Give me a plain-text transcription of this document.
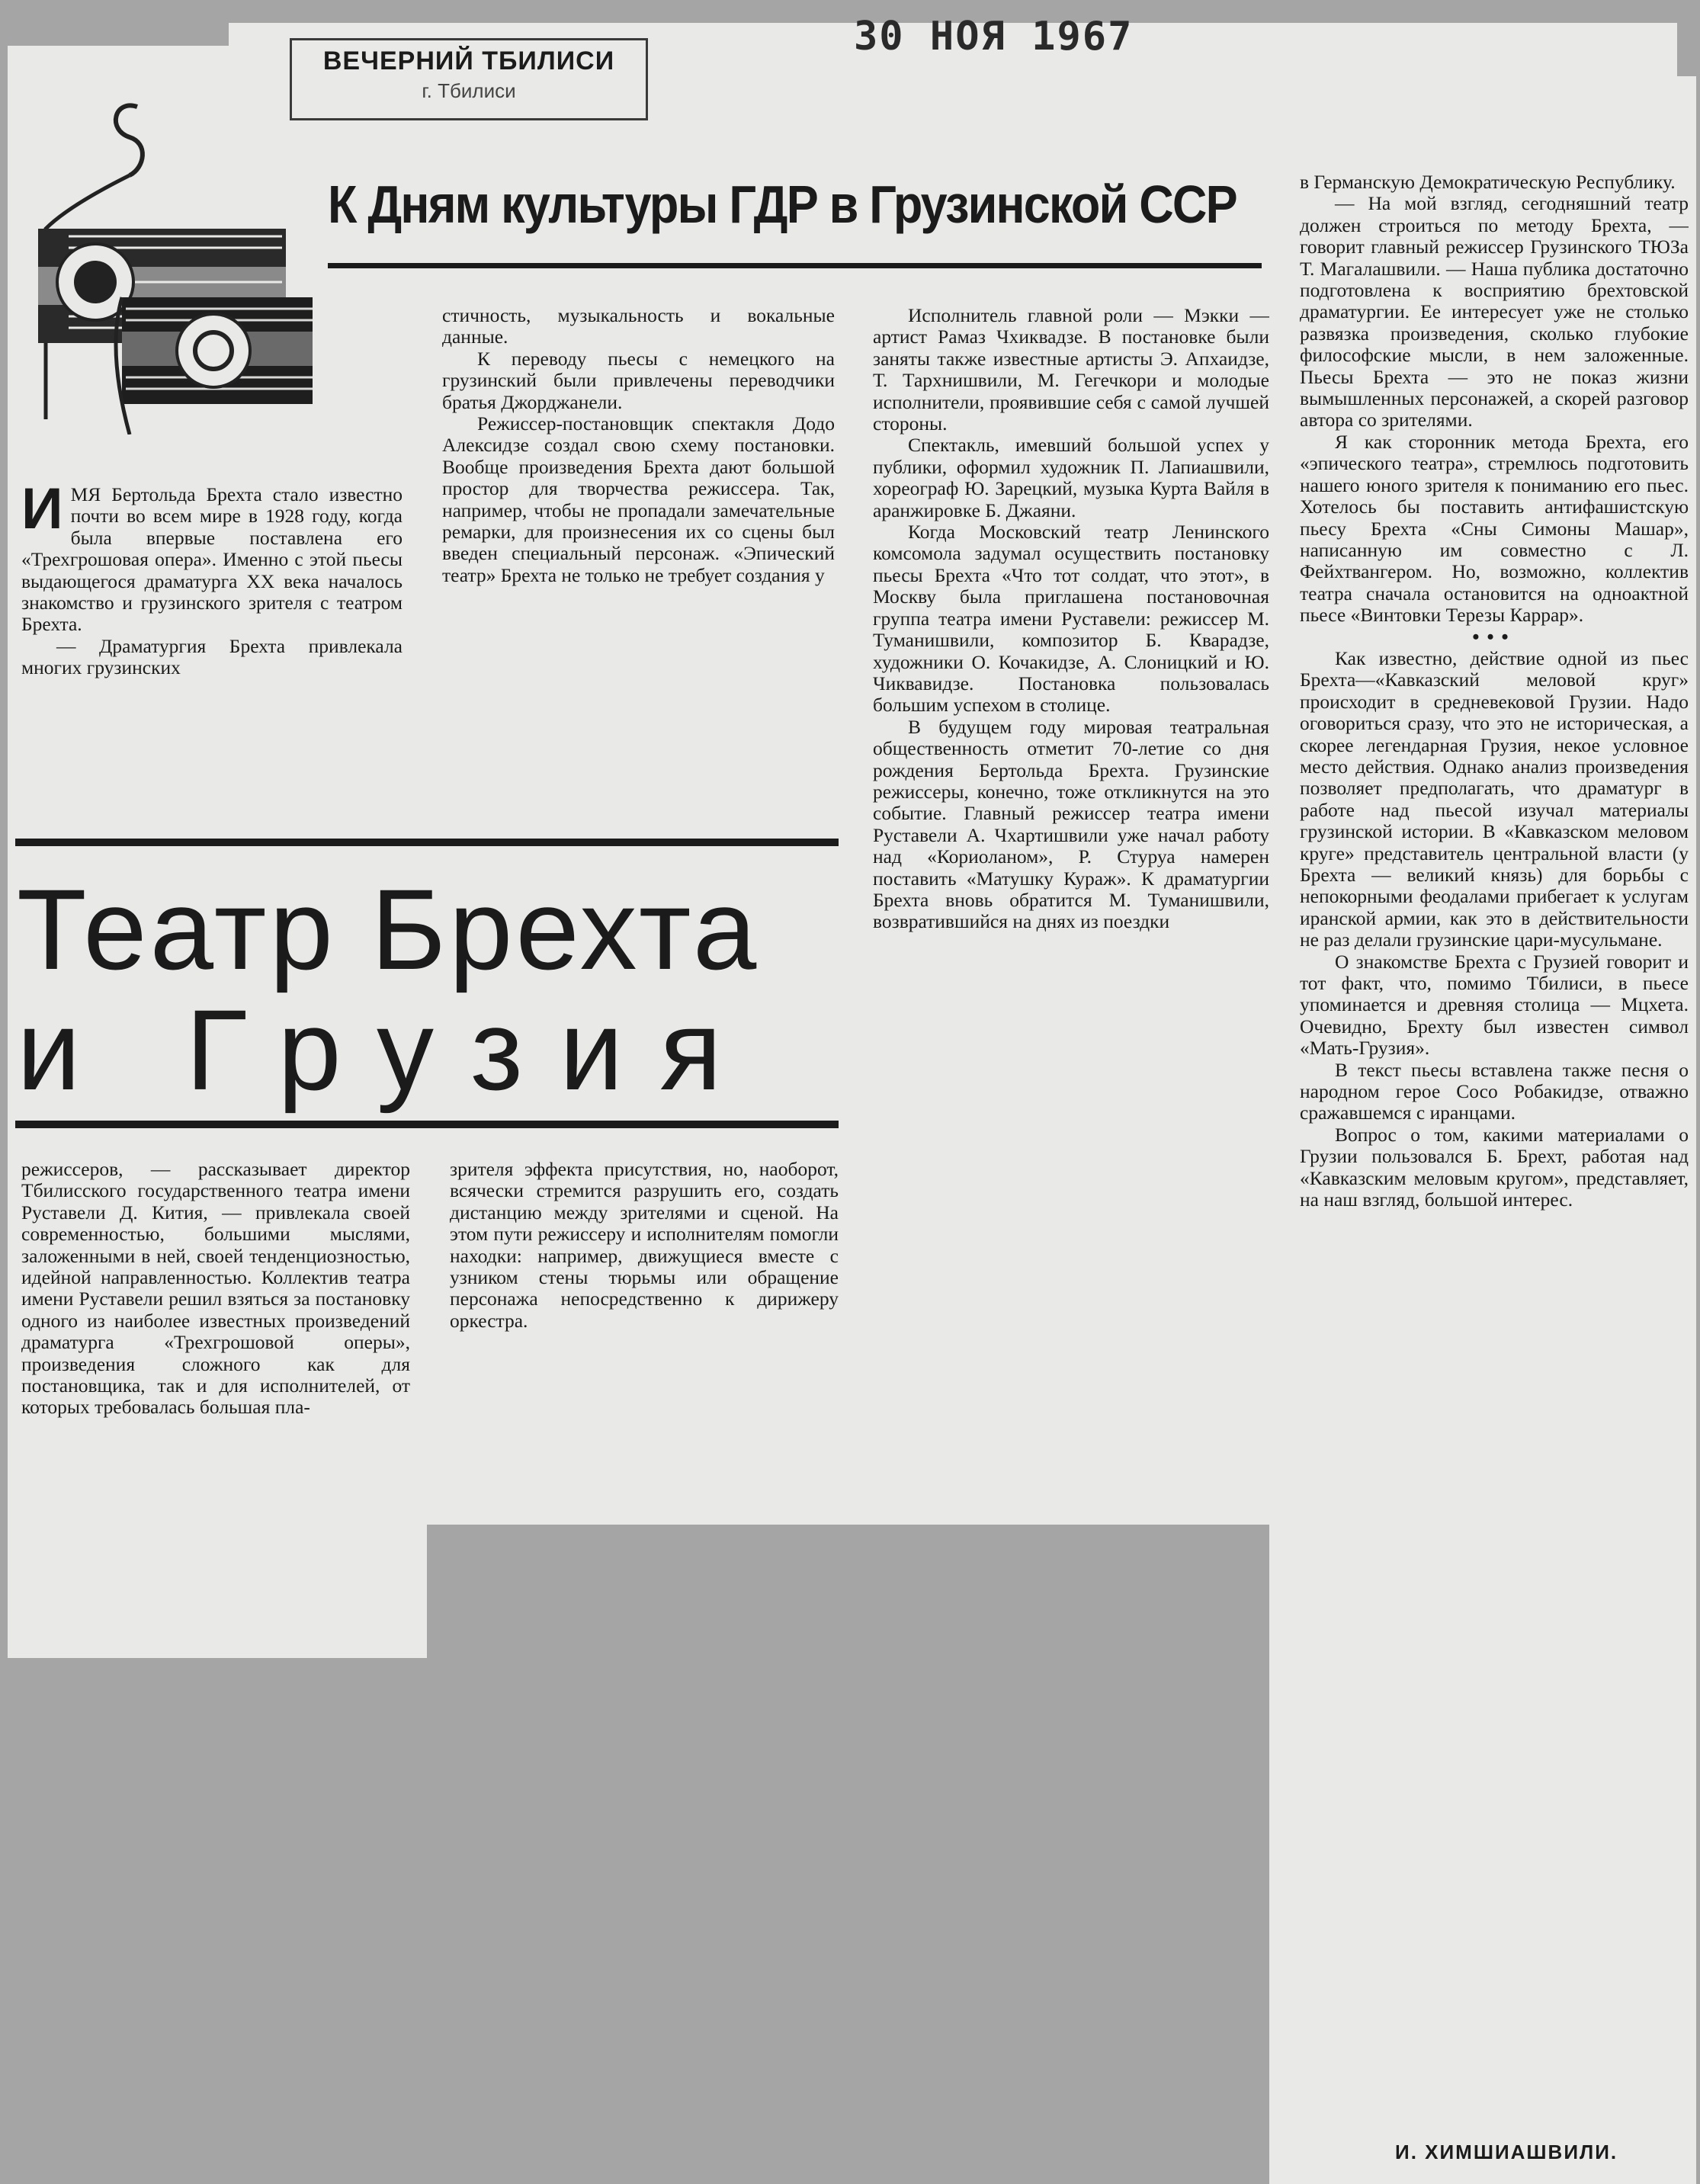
ВЕЧЕРНИЙ ТБИЛИСИ
г. Тбилиси
30 НОЯ 1967
К Дням культуры ГДР в Грузинской ССР

ИМЯ Бертольда Брехта стало известно почти во всем мире в 1928 году, когда была впервые поставлена его «Трехгрошовая опера». Именно с этой пьесы выдающегося драматурга XX века началось знакомство и грузинского зрителя с театром Брехта.

— Драматургия Брехта привлекала многих грузинских

стичность, музыкальность и вокальные данные.

К переводу пьесы с немецкого на грузинский были привлечены переводчики братья Джорджанели.

Режиссер-постановщик спектакля Додо Алексидзе создал свою схему постановки. Вообще произведения Брехта дают большой простор для творчества режиссера. Так, например, чтобы не пропадали замечательные ремарки, для произнесения их со сцены был введен специальный персонаж. «Эпический театр» Брехта не только не требует создания у

Театр Брехта
и Грузия

режиссеров, — рассказывает директор Тбилисского государственного театра имени Руставели Д. Кития, — привлекала своей современностью, большими мыслями, заложенными в ней, своей тенденциозностью, идейной направленностью. Коллектив театра имени Руставели решил взяться за постановку одного из наиболее известных произведений драматурга «Трехгрошовой оперы», произведения сложного как для постановщика, так и для исполнителей, от которых требовалась большая пла-

зрителя эффекта присутствия, но, наоборот, всячески стремится разрушить его, создать дистанцию между зрителями и сценой. На этом пути режиссеру и исполнителям помогли находки: например, движущиеся вместе с узником стены тюрьмы или обращение персонажа непосредственно к дирижеру оркестра.

Исполнитель главной роли — Мэкки — артист Рамаз Чхиквадзе. В постановке были заняты также известные артисты Э. Апхаидзе, Т. Тархнишвили, М. Гегечкори и молодые исполнители, проявившие себя с самой лучшей стороны.

Спектакль, имевший большой успех у публики, оформил художник П. Лапиашвили, хореограф Ю. Зарецкий, музыка Курта Вайля в аранжировке Б. Джаяни.

Когда Московский театр Ленинского комсомола задумал осуществить постановку пьесы Брехта «Что тот солдат, что этот», в Москву была приглашена постановочная группа театра имени Руставели: режиссер М. Туманишвили, композитор Б. Кварадзе, художники О. Кочакидзе, А. Слоницкий и Ю. Чиквавидзе. Постановка пользовалась большим успехом в столице.

В будущем году мировая театральная общественность отметит 70-летие со дня рождения Бертольда Брехта. Грузинские режиссеры, конечно, тоже откликнутся на это событие. Главный режиссер театра имени Руставели А. Чхартишвили уже начал работу над «Кориоланом», Р. Стуруа намерен поставить «Матушку Кураж». К драматургии Брехта вновь обратится М. Туманишвили, возвратившийся на днях из поездки

в Германскую Демократическую Республику.

— На мой взгляд, сегодняшний театр должен строиться по методу Брехта, — говорит главный режиссер Грузинского ТЮЗа Т. Магалашвили. — Наша публика достаточно подготовлена к восприятию брехтовской драматургии. Ее интересует уже не столько развязка произведения, сколько глубокие философские мысли, в нем заложенные. Пьесы Брехта — это не показ жизни вымышленных персонажей, а скорей разговор автора со зрителями.

Я как сторонник метода Брехта, его «эпического театра», стремлюсь подготовить нашего юного зрителя к пониманию его пьес. Хотелось бы поставить антифашистскую пьесу Брехта «Сны Симоны Машар», написанную им совместно с Л. Фейхтвангером. Но, возможно, коллектив театра сначала остановится на одноактной пьесе «Винтовки Терезы Каррар».

•••

Как известно, действие одной из пьес Брехта—«Кавказский меловой круг» происходит в средневековой Грузии. Надо оговориться сразу, что это не историческая, а скорее легендарная Грузия, некое условное место действия. Однако анализ произведения позволяет предполагать, что драматург в работе над пьесой изучал материалы грузинской истории. В «Кавказском меловом круге» представитель центральной власти (у Брехта — великий князь) для борьбы с непокорными феодалами прибегает к услугам иранской армии, как это в действительности не раз делали грузинские цари-мусульмане.

О знакомстве Брехта с Грузией говорит и тот факт, что, помимо Тбилиси, в пьесе упоминается и древняя столица — Мцхета. Очевидно, Брехту был известен символ «Мать-Грузия».

В текст пьесы вставлена также песня о народном герое Сосо Робакидзе, отважно сражавшемся с иранцами.

Вопрос о том, какими материалами о Грузии пользовался Б. Брехт, работая над «Кавказским меловым кругом», представляет, на наш взгляд, большой интерес.

И. ХИМШИАШВИЛИ.
